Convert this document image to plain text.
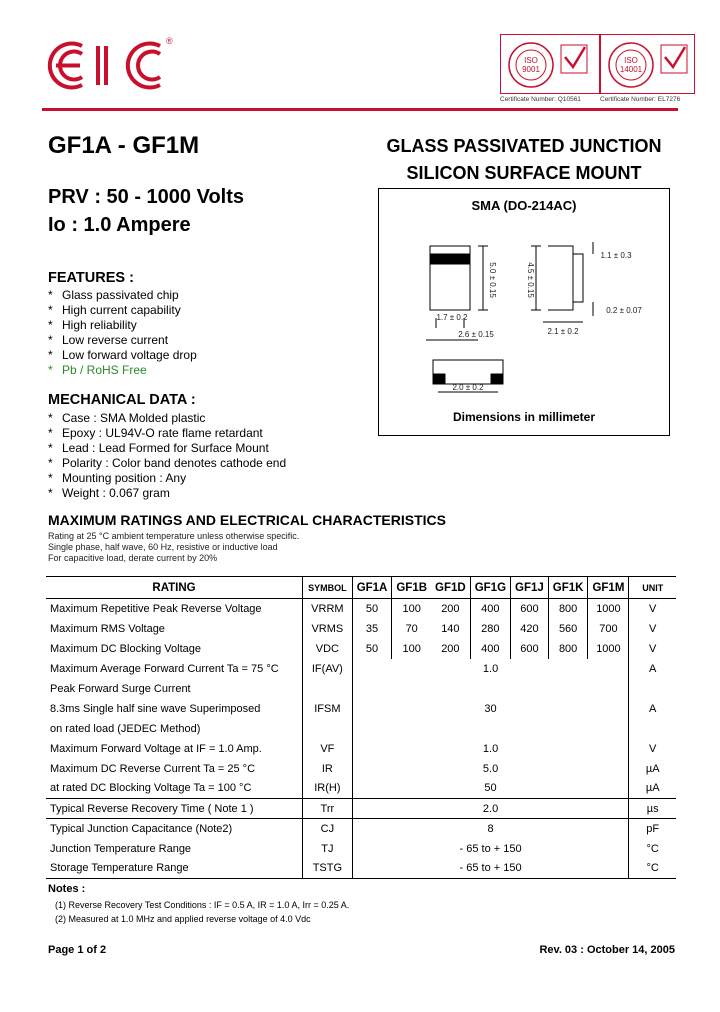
®
ISO
9001
ISO
14001
Certificate Number: Q10561	Certificate Number: EL7276
GF1A - GF1M	GLASS PASSIVATED JUNCTION
SILICON SURFACE MOUNT
PRV : 50 - 1000 Volts
Io : 1.0 Ampere
FEATURES :
* Glass passivated chip
* High current capability
* High reliability
* Low reverse current
* Low forward voltage drop
* Pb / RoHS Free
MECHANICAL DATA :
* Case : SMA Molded plastic
* Epoxy : UL94V-O rate flame retardant
* Lead : Lead Formed for Surface Mount
* Polarity : Color band denotes cathode end
* Mounting position : Any
* Weight : 0.067 gram
SMA (DO-214AC)
5.0 ± 0.15
1.7 ± 0.2
2.6 ± 0.15
4.5 ± 0.15
1.1 ± 0.3
0.2 ± 0.07
2.1 ± 0.2
2.0 ± 0.2
Dimensions in millimeter
MAXIMUM RATINGS AND ELECTRICAL CHARACTERISTICS
Rating at 25 °C ambient temperature unless otherwise specific.
Single phase, half wave, 60 Hz, resistive or inductive load
For capacitive load, derate current by 20%
RATING	SYMBOL	GF1A	GF1B	GF1D	GF1G	GF1J	GF1K	GF1M	UNIT
Maximum Repetitive Peak Reverse Voltage	VRRM	50	100	200	400	600	800	1000	V
Maximum RMS Voltage	VRMS	35	70	140	280	420	560	700	V
Maximum DC Blocking Voltage	VDC	50	100	200	400	600	800	1000	V
Maximum Average Forward Current Ta = 75 °C	IF(AV)	1.0							A
Peak Forward Surge Current	IFSM	30							A
8.3ms Single half sine wave Superimposed									
on rated load (JEDEC Method)									
Maximum Forward Voltage at IF = 1.0 Amp.	VF	1.0							V
Maximum DC Reverse Current Ta = 25 °C	IR	5.0							µA
at rated DC Blocking Voltage Ta = 100 °C	IR(H)	50							µA
Typical Reverse Recovery Time ( Note 1 )	Trr	2.0							µs
Typical Junction Capacitance (Note2)	CJ	8							pF
Junction Temperature Range	TJ	- 65 to + 150							°C
Storage Temperature Range	TSTG	- 65 to + 150							°C
Notes :
(1) Reverse Recovery Test Conditions : IF = 0.5 A, IR = 1.0 A, Irr = 0.25 A.
(2) Measured at 1.0 MHz and applied reverse voltage of 4.0 Vdc
Page 1 of 2	Rev. 03 : October 14, 2005
